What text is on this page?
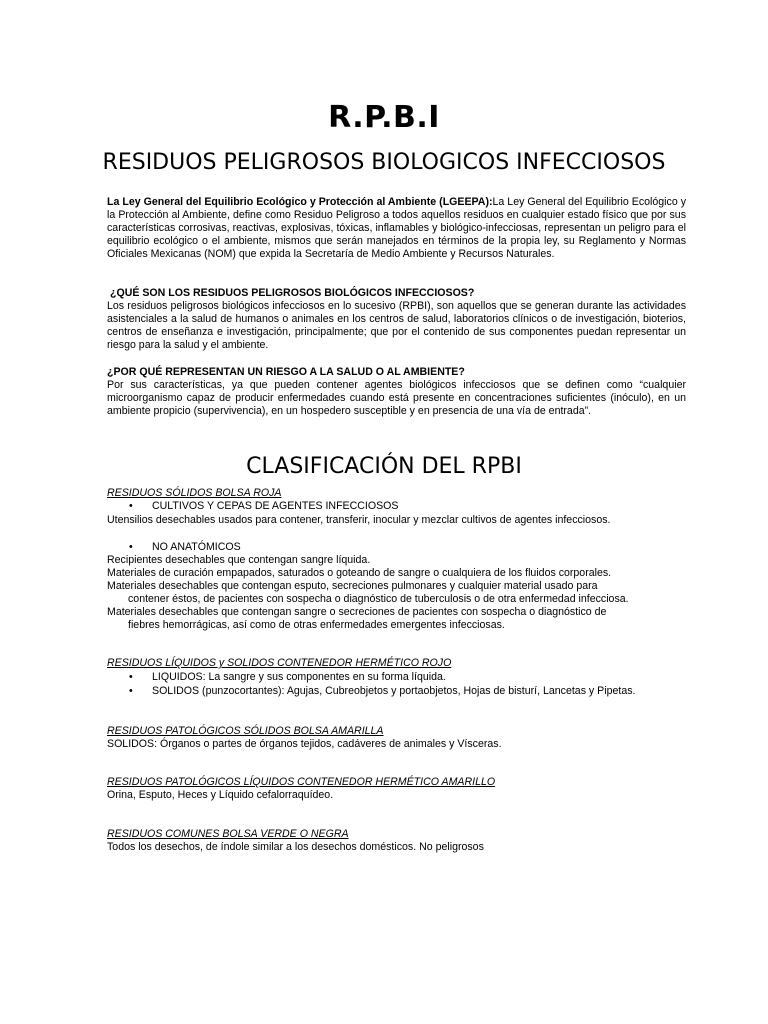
R.P.B.I
RESIDUOS PELIGROSOS BIOLOGICOS INFECCIOSOS

La Ley General del Equilibrio Ecológico y Protección al Ambiente (LGEEPA):La Ley General del Equilibrio Ecológico y la Protección al Ambiente, define como Residuo Peligroso a todos aquellos residuos en cualquier estado físico que por sus características corrosivas, reactivas, explosivas, tóxicas, inflamables y biológico-infecciosas, representan un peligro para el equilibrio ecológico o el ambiente, mismos que serán manejados en términos de la propia ley, su Reglamento y Normas Oficiales Mexicanas (NOM) que expida la Secretaría de Medio Ambiente y Recursos Naturales.

¿QUÉ SON LOS RESIDUOS PELIGROSOS BIOLÓGICOS INFECCIOSOS?

Los residuos peligrosos biológicos infecciosos en lo sucesivo (RPBI), son aquellos que se generan durante las actividades asistenciales a la salud de humanos o animales en los centros de salud, laboratorios clínicos o de investigación, bioterios, centros de enseñanza e investigación, principalmente; que por el contenido de sus componentes puedan representar un riesgo para la salud y el ambiente.

¿POR QUÉ REPRESENTAN UN RIESGO A LA SALUD O AL AMBIENTE?

Por sus características, ya que pueden contener agentes biológicos infecciosos que se definen como “cualquier microorganismo capaz de producir enfermedades cuando está presente en concentraciones suficientes (inóculo), en un ambiente propicio (supervivencia), en un hospedero susceptible y en presencia de una vía de entrada”.

CLASIFICACIÓN DEL RPBI

RESIDUOS SÓLIDOS BOLSA ROJA

• CULTIVOS Y CEPAS DE AGENTES INFECCIOSOS

Utensilios desechables usados para contener, transferir, inocular y mezclar cultivos de agentes infecciosos.

• NO ANATÓMICOS

Recipientes desechables que contengan sangre líquida.

Materiales de curación empapados, saturados o goteando de sangre o cualquiera de los fluidos corporales.

Materiales desechables que contengan esputo, secreciones pulmonares y cualquier material usado para

contener éstos, de pacientes con sospecha o diagnóstico de tuberculosis o de otra enfermedad infecciosa.

Materiales desechables que contengan sangre o secreciones de pacientes con sospecha o diagnóstico de

fiebres hemorrágicas, así como de otras enfermedades emergentes infecciosas.

RESIDUOS LÍQUIDOS y SOLIDOS CONTENEDOR HERMÉTICO ROJO

• LIQUIDOS: La sangre y sus componentes en su forma líquida.

• SOLIDOS (punzocortantes): Agujas, Cubreobjetos y portaobjetos, Hojas de bisturí, Lancetas y Pipetas.

RESIDUOS PATOLÓGICOS SÓLIDOS BOLSA AMARILLA

SOLIDOS: Órganos o partes de órganos tejidos, cadáveres de animales y Vísceras.

RESIDUOS PATOLÓGICOS LÍQUIDOS CONTENEDOR HERMÉTICO AMARILLO

Orina, Esputo, Heces y Líquido cefalorraquídeo.

RESIDUOS COMUNES BOLSA VERDE O NEGRA

Todos los desechos, de índole similar a los desechos domésticos. No peligrosos
